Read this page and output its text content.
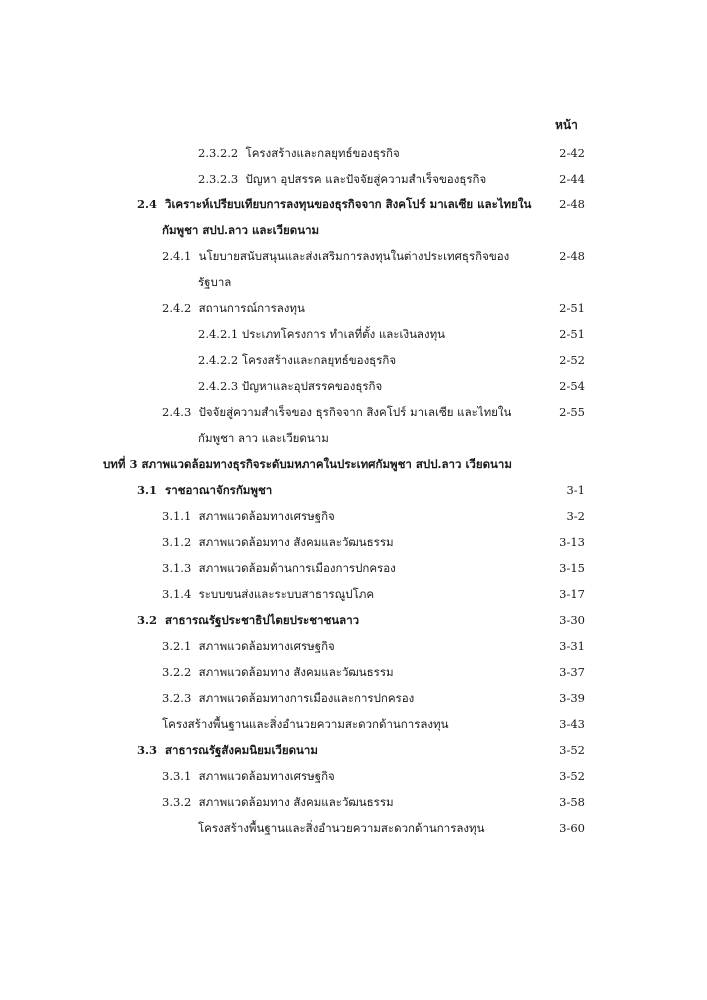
หน้า
2.3.2.2 โครงสร้างและกลยุทธ์ของธุรกิจ	2-42
2.3.2.3 ปัญหา อุปสรรค และปัจจัยสู่ความสำเร็จของธุรกิจ	2-44
2.4 วิเคราะห์เปรียบเทียบการลงทุนของธุรกิจจาก สิงคโปร์ มาเลเซีย และไทยใน	2-48
กัมพูชา สปป.ลาว และเวียดนาม
2.4.1 นโยบายสนับสนุนและส่งเสริมการลงทุนในต่างประเทศธุรกิจของ	2-48
รัฐบาล
2.4.2 สถานการณ์การลงทุน	2-51
2.4.2.1 ประเภทโครงการ ทำเลที่ตั้ง และเงินลงทุน	2-51
2.4.2.2 โครงสร้างและกลยุทธ์ของธุรกิจ	2-52
2.4.2.3 ปัญหาและอุปสรรคของธุรกิจ	2-54
2.4.3 ปัจจัยสู่ความสำเร็จของ ธุรกิจจาก สิงคโปร์ มาเลเซีย และไทยใน	2-55
กัมพูชา ลาว และเวียดนาม
บทที่ 3 สภาพแวดล้อมทางธุรกิจระดับมหภาคในประเทศกัมพูชา สปป.ลาว เวียดนาม
3.1 ราชอาณาจักรกัมพูชา	3-1
3.1.1 สภาพแวดล้อมทางเศรษฐกิจ	3-2
3.1.2 สภาพแวดล้อมทาง สังคมและวัฒนธรรม	3-13
3.1.3 สภาพแวดล้อมด้านการเมืองการปกครอง	3-15
3.1.4 ระบบขนส่งและระบบสาธารณูปโภค	3-17
3.2 สาธารณรัฐประชาธิปไตยประชาชนลาว	3-30
3.2.1 สภาพแวดล้อมทางเศรษฐกิจ	3-31
3.2.2 สภาพแวดล้อมทาง สังคมและวัฒนธรรม	3-37
3.2.3 สภาพแวดล้อมทางการเมืองและการปกครอง	3-39
โครงสร้างพื้นฐานและสิ่งอำนวยความสะดวกด้านการลงทุน	3-43
3.3 สาธารณรัฐสังคมนิยมเวียดนาม	3-52
3.3.1 สภาพแวดล้อมทางเศรษฐกิจ	3-52
3.3.2 สภาพแวดล้อมทาง สังคมและวัฒนธรรม	3-58
โครงสร้างพื้นฐานและสิ่งอำนวยความสะดวกด้านการลงทุน	3-60
